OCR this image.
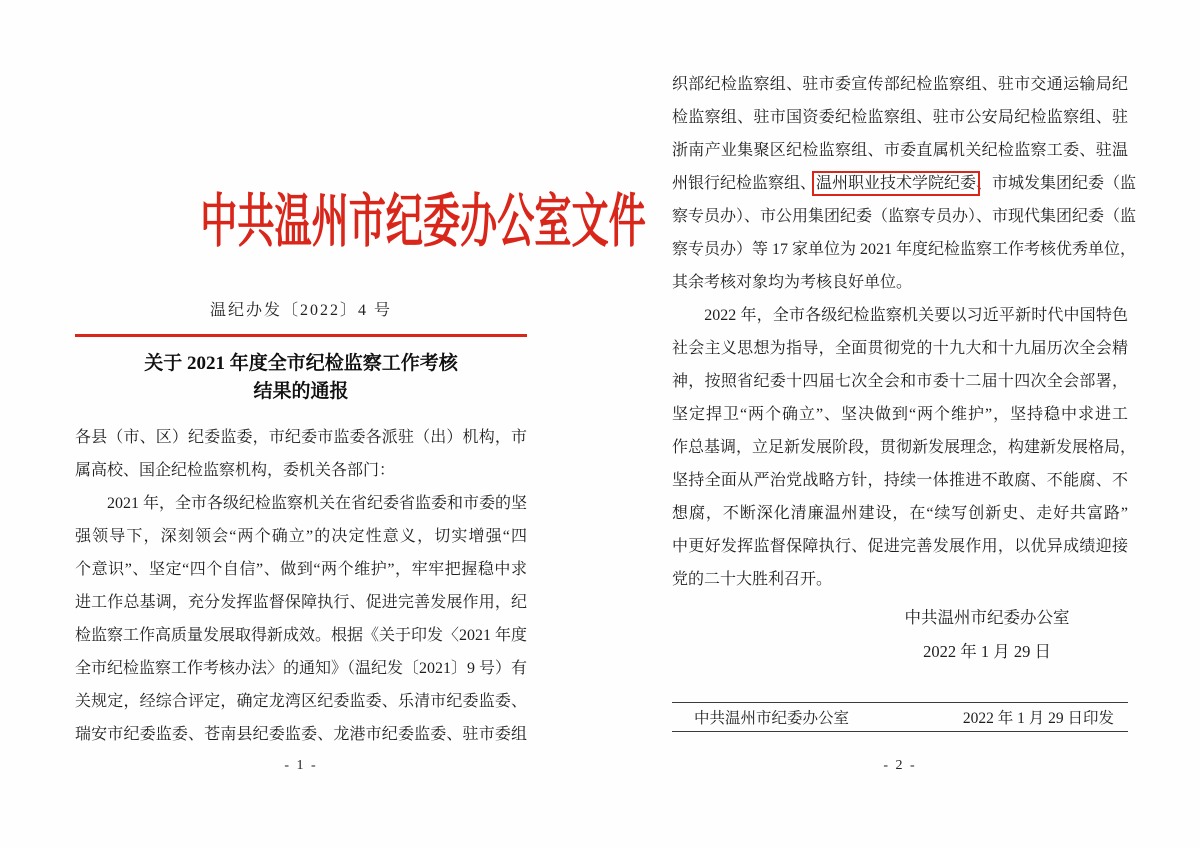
中共温州市纪委办公室文件
温纪办发〔2022〕4 号
关于 2021 年度全市纪检监察工作考核
结果的通报
各县（市、区）纪委监委，市纪委市监委各派驻（出）机构，市
属高校、国企纪检监察机构，委机关各部门：
　　2021 年，全市各级纪检监察机关在省纪委省监委和市委的坚
强领导下，深刻领会“两个确立”的决定性意义，切实增强“四
个意识”、坚定“四个自信”、做到“两个维护”，牢牢把握稳中求
进工作总基调，充分发挥监督保障执行、促进完善发展作用，纪
检监察工作高质量发展取得新成效。根据《关于印发〈2021 年度
全市纪检监察工作考核办法〉的通知》（温纪发〔2021〕9 号）有
关规定，经综合评定，确定龙湾区纪委监委、乐清市纪委监委、
瑞安市纪委监委、苍南县纪委监委、龙港市纪委监委、驻市委组
- 1 -
织部纪检监察组、驻市委宣传部纪检监察组、驻市交通运输局纪
检监察组、驻市国资委纪检监察组、驻市公安局纪检监察组、驻
浙南产业集聚区纪检监察组、市委直属机关纪检监察工委、驻温
州银行纪检监察组、温州职业技术学院纪委、市城发集团纪委（监
察专员办）、市公用集团纪委（监察专员办）、市现代集团纪委（监
察专员办）等 17 家单位为 2021 年度纪检监察工作考核优秀单位，
其余考核对象均为考核良好单位。
　　2022 年，全市各级纪检监察机关要以习近平新时代中国特色
社会主义思想为指导，全面贯彻党的十九大和十九届历次全会精
神，按照省纪委十四届七次全会和市委十二届十四次全会部署，
坚定捍卫“两个确立”、坚决做到“两个维护”，坚持稳中求进工
作总基调，立足新发展阶段，贯彻新发展理念，构建新发展格局，
坚持全面从严治党战略方针，持续一体推进不敢腐、不能腐、不
想腐，不断深化清廉温州建设，在“续写创新史、走好共富路”
中更好发挥监督保障执行、促进完善发展作用，以优异成绩迎接
党的二十大胜利召开。
中共温州市纪委办公室
2022 年 1 月 29 日
中共温州市纪委办公室	2022 年 1 月 29 日印发
- 2 -
